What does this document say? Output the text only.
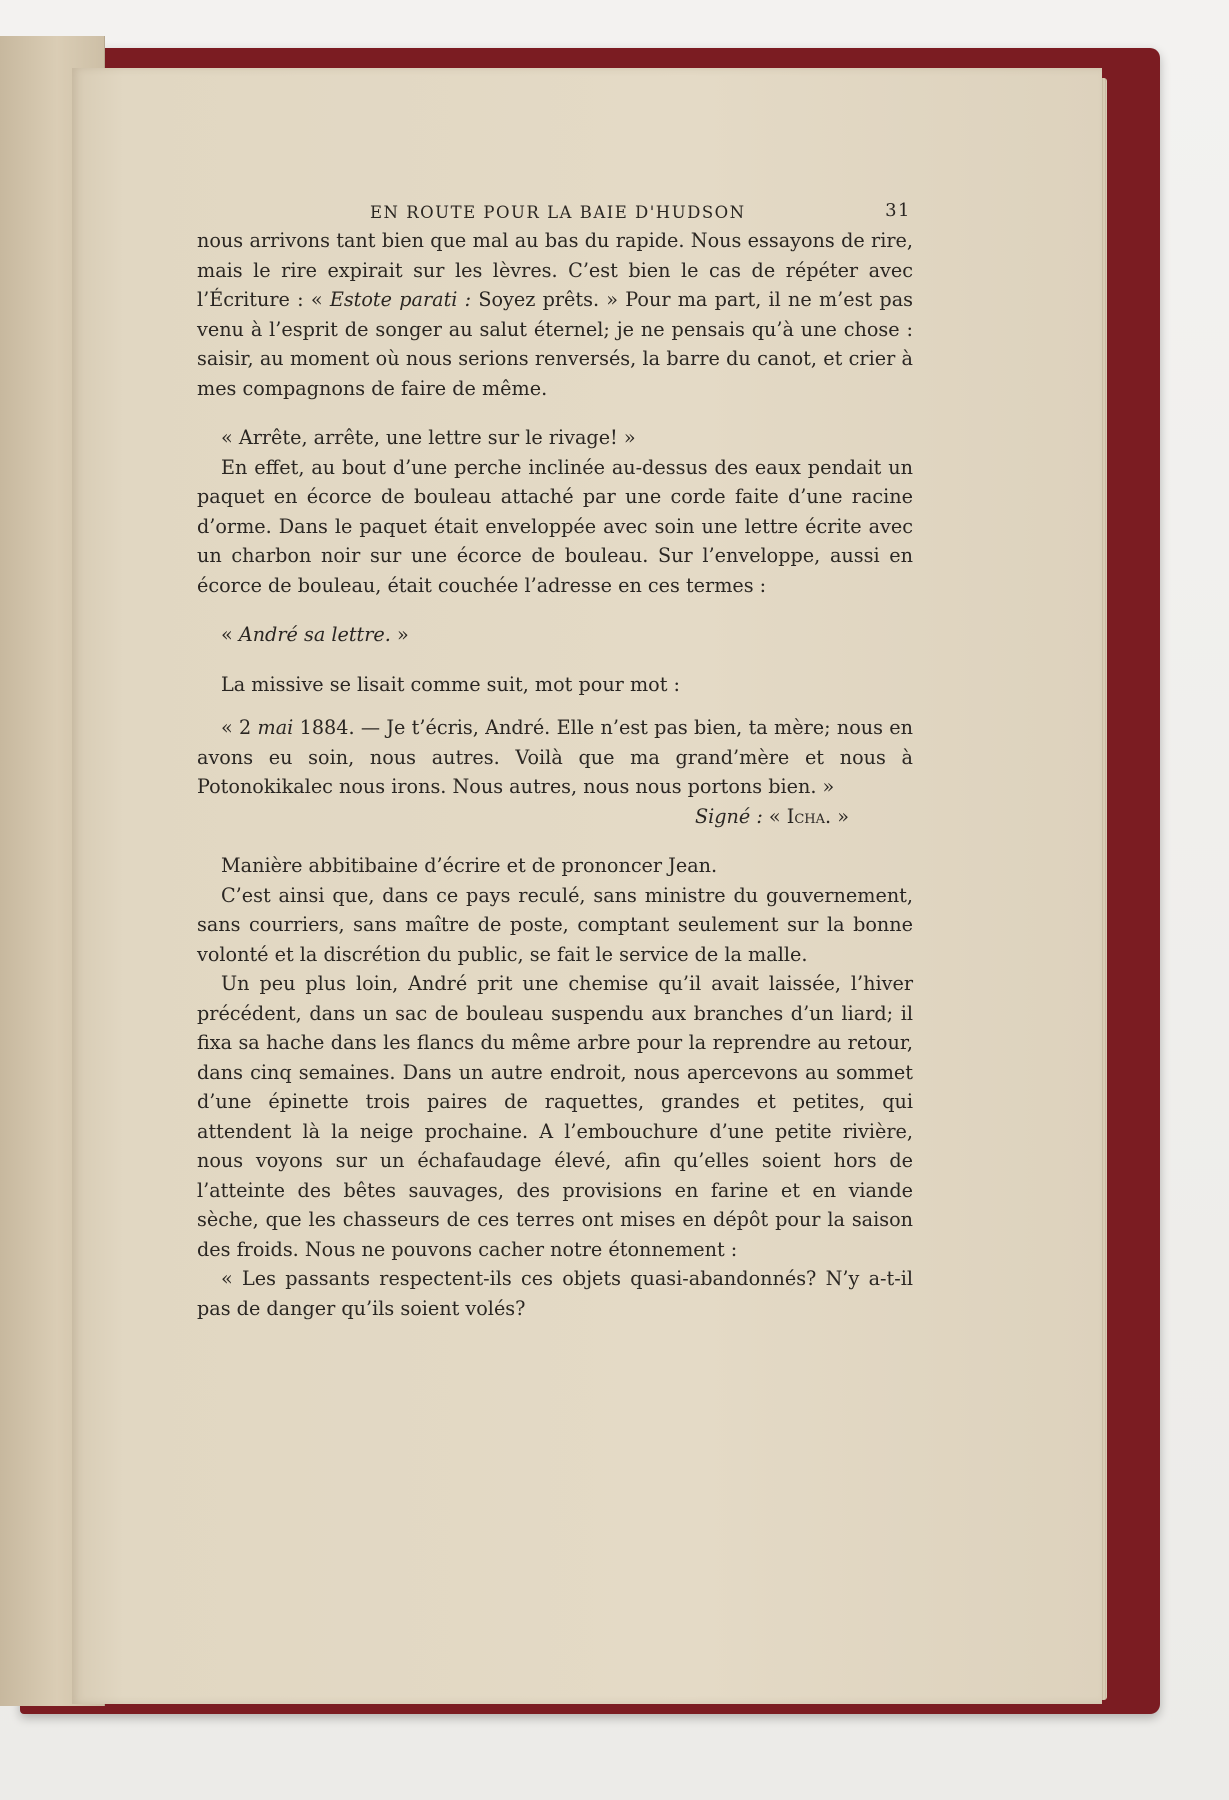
EN ROUTE POUR LA BAIE D'HUDSON	31

nous arrivons tant bien que mal au bas du rapide. Nous essayons de rire, mais le rire expirait sur les lèvres. C’est bien le cas de répéter avec l’Écriture : « Estote parati : Soyez prêts. » Pour ma part, il ne m’est pas venu à l’esprit de songer au salut éternel; je ne pensais qu’à une chose : saisir, au moment où nous serions renversés, la barre du canot, et crier à mes compagnons de faire de même.

« Arrête, arrête, une lettre sur le rivage! »

En effet, au bout d’une perche inclinée au-dessus des eaux pendait un paquet en écorce de bouleau attaché par une corde faite d’une racine d’orme. Dans le paquet était enveloppée avec soin une lettre écrite avec un charbon noir sur une écorce de bouleau. Sur l’enveloppe, aussi en écorce de bouleau, était couchée l’adresse en ces termes :

« André sa lettre. »

La missive se lisait comme suit, mot pour mot :

« 2 mai 1884. — Je t’écris, André. Elle n’est pas bien, ta mère; nous en avons eu soin, nous autres. Voilà que ma grand’mère et nous à Potonokikalec nous irons. Nous autres, nous nous portons bien. »

Signé : « Icha. »

Manière abbitibaine d’écrire et de prononcer Jean.

C’est ainsi que, dans ce pays reculé, sans ministre du gouvernement, sans courriers, sans maître de poste, comptant seulement sur la bonne volonté et la discrétion du public, se fait le service de la malle.

Un peu plus loin, André prit une chemise qu’il avait laissée, l’hiver précédent, dans un sac de bouleau suspendu aux branches d’un liard; il fixa sa hache dans les flancs du même arbre pour la reprendre au retour, dans cinq semaines. Dans un autre endroit, nous apercevons au sommet d’une épinette trois paires de raquettes, grandes et petites, qui attendent là la neige prochaine. A l’embouchure d’une petite rivière, nous voyons sur un échafaudage élevé, afin qu’elles soient hors de l’atteinte des bêtes sauvages, des provisions en farine et en viande sèche, que les chasseurs de ces terres ont mises en dépôt pour la saison des froids. Nous ne pouvons cacher notre étonnement :

« Les passants respectent-ils ces objets quasi-abandonnés? N’y a-t-il pas de danger qu’ils soient volés?
